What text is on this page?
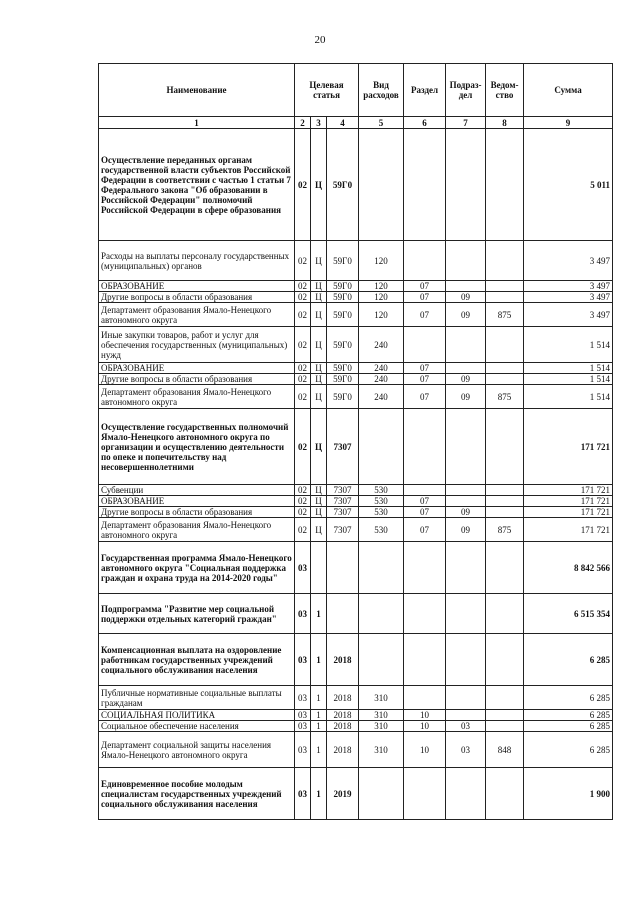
20
Наименование	Целевая статья			Вид расходов	Раздел	Подраз-дел	Ведом-ство	Сумма
1	2	3	4	5	6	7	8	9
Осуществление переданных органам государственной власти субъектов Российской Федерации в соответствии с частью 1 статьи 7 Федерального закона "Об образовании в Российской Федерации" полномочий Российской Федерации в сфере образования	02	Ц	59Г0					5 011
Расходы на выплаты персоналу государственных (муниципальных) органов	02	Ц	59Г0	120				3 497
ОБРАЗОВАНИЕ	02	Ц	59Г0	120	07			3 497
Другие вопросы в области образования	02	Ц	59Г0	120	07	09		3 497
Департамент образования Ямало-Ненецкого автономного округа	02	Ц	59Г0	120	07	09	875	3 497
Иные закупки товаров, работ и услуг для обеспечения государственных (муниципальных) нужд	02	Ц	59Г0	240				1 514
ОБРАЗОВАНИЕ	02	Ц	59Г0	240	07			1 514
Другие вопросы в области образования	02	Ц	59Г0	240	07	09		1 514
Департамент образования Ямало-Ненецкого автономного округа	02	Ц	59Г0	240	07	09	875	1 514
Осуществление государственных полномочий Ямало-Ненецкого автономного округа по организации и осуществлению деятельности по опеке и попечительству над несовершеннолетними	02	Ц	7307					171 721
Субвенции	02	Ц	7307	530				171 721
ОБРАЗОВАНИЕ	02	Ц	7307	530	07			171 721
Другие вопросы в области образования	02	Ц	7307	530	07	09		171 721
Департамент образования Ямало-Ненецкого автономного округа	02	Ц	7307	530	07	09	875	171 721
Государственная программа Ямало-Ненецкого автономного округа "Социальная поддержка граждан и охрана труда на 2014-2020 годы"	03							8 842 566
Подпрограмма "Развитие мер социальной поддержки отдельных категорий граждан"	03	1						6 515 354
Компенсационная выплата на оздоровление работникам государственных учреждений социального обслуживания населения	03	1	2018					6 285
Публичные нормативные социальные выплаты гражданам	03	1	2018	310				6 285
СОЦИАЛЬНАЯ ПОЛИТИКА	03	1	2018	310	10			6 285
Социальное обеспечение населения	03	1	2018	310	10	03		6 285
Департамент социальной защиты населения Ямало-Ненецкого автономного округа	03	1	2018	310	10	03	848	6 285
Единовременное пособие молодым специалистам государственных учреждений социального обслуживания населения	03	1	2019					1 900
